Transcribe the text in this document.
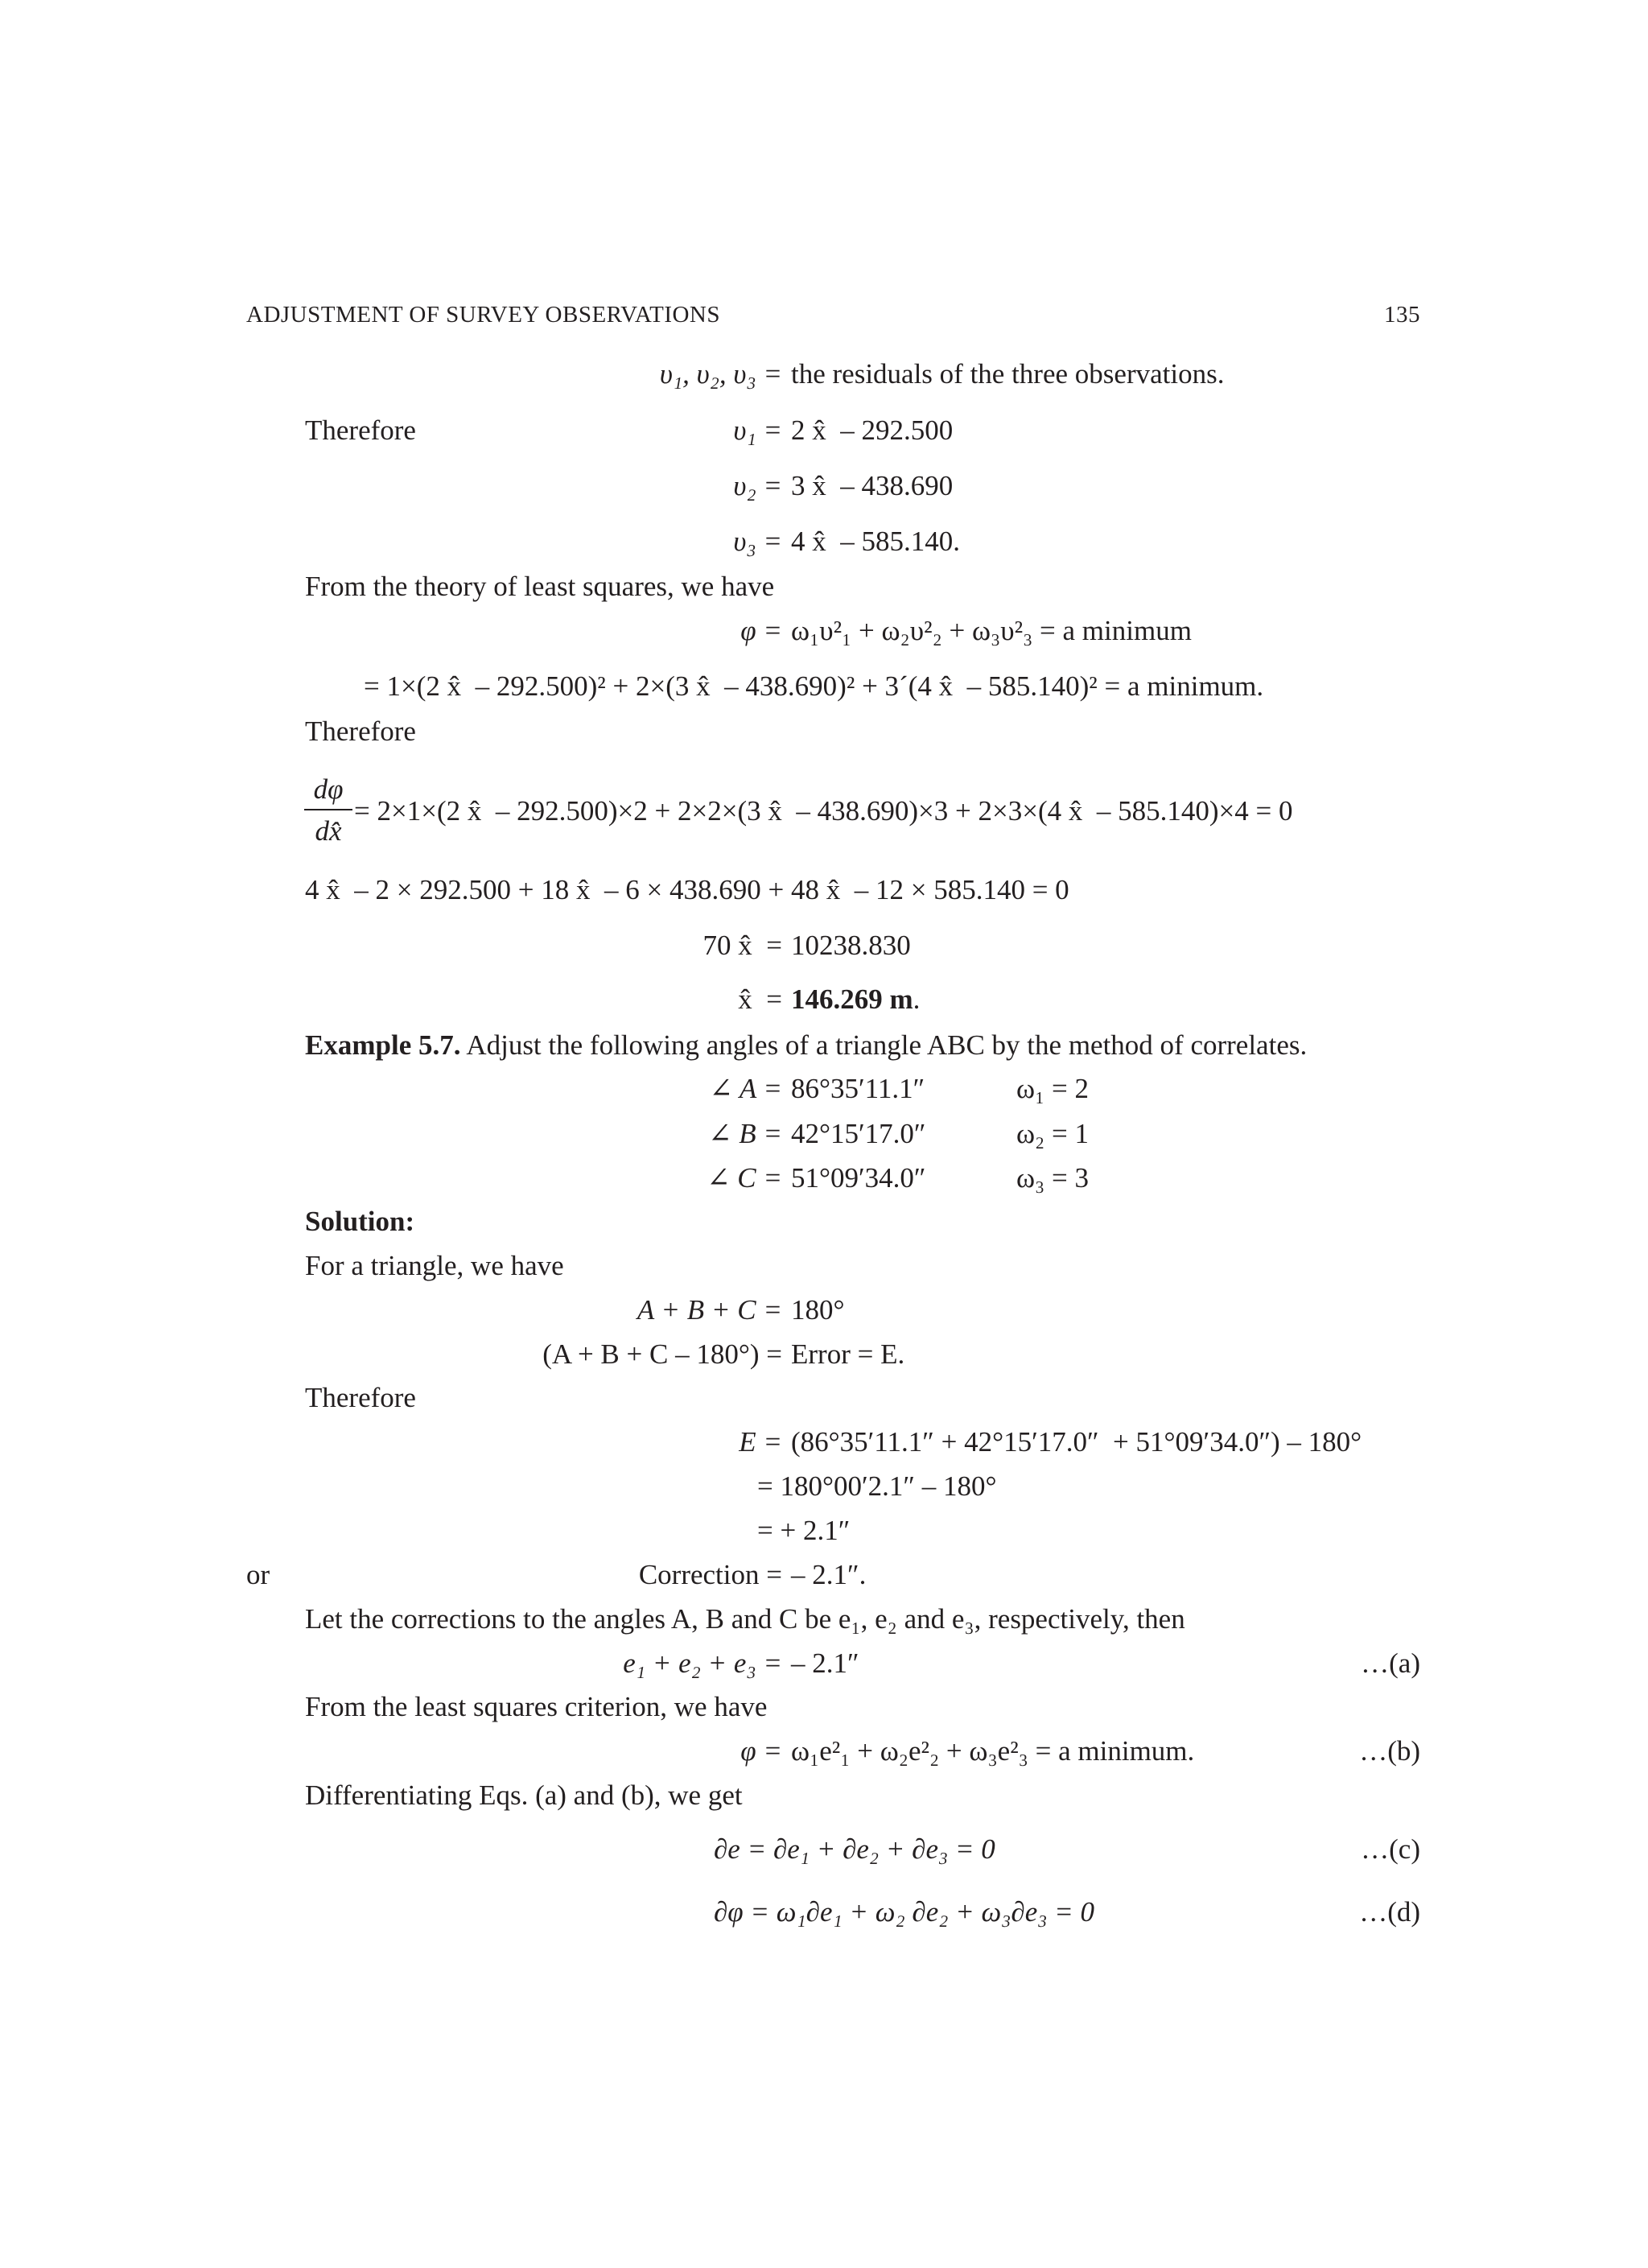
ADJUSTMENT OF SURVEY OBSERVATIONS	135
υ₁, υ₂, υ₃ = the residuals of the three observations.
Therefore	υ₁ = 2 x̂  – 292.500
υ₂ = 3 x̂  – 438.690
υ₃ = 4 x̂  – 585.140.
From the theory of least squares, we have
φ = ω₁υ²₁ + ω₂υ²₂ + ω₃υ²₃ = a minimum
= 1×(2 x̂  – 292.500)² + 2×(3 x̂  – 438.690)² + 3´(4 x̂  – 585.140)² = a minimum.
Therefore
dφ
dx̂
= 2×1×(2 x̂  – 292.500)×2 + 2×2×(3 x̂  – 438.690)×3 + 2×3×(4 x̂  – 585.140)×4 = 0
4 x̂  – 2 × 292.500 + 18 x̂  – 6 × 438.690 + 48 x̂  – 12 × 585.140 = 0
70 x̂  = 10238.830
x̂  = 146.269 m.
Example 5.7. Adjust the following angles of a triangle ABC by the method of correlates.
∠ A = 86°35′11.1″	ω₁ = 2
∠ B = 42°15′17.0″	ω₂ = 1
∠ C = 51°09′34.0″	ω₃ = 3
Solution:
For a triangle, we have
A + B + C = 180°
(A + B + C – 180°) = Error = E.
Therefore
E = (86°35′11.1″ + 42°15′17.0″  + 51°09′34.0″) – 180°
= 180°00′2.1″ – 180°
= + 2.1″
or	Correction = – 2.1″.
Let the corrections to the angles A, B and C be e₁, e₂ and e₃, respectively, then
e₁ + e₂ + e₃ = – 2.1″	…(a)
From the least squares criterion, we have
φ = ω₁e²₁ + ω₂e²₂ + ω₃e²₃ = a minimum.	…(b)
Differentiating Eqs. (a) and (b), we get
∂e = ∂e₁ + ∂e₂ + ∂e₃ = 0	…(c)
∂φ = ω₁∂e₁ + ω₂ ∂e₂ + ω₃∂e₃ = 0	…(d)
